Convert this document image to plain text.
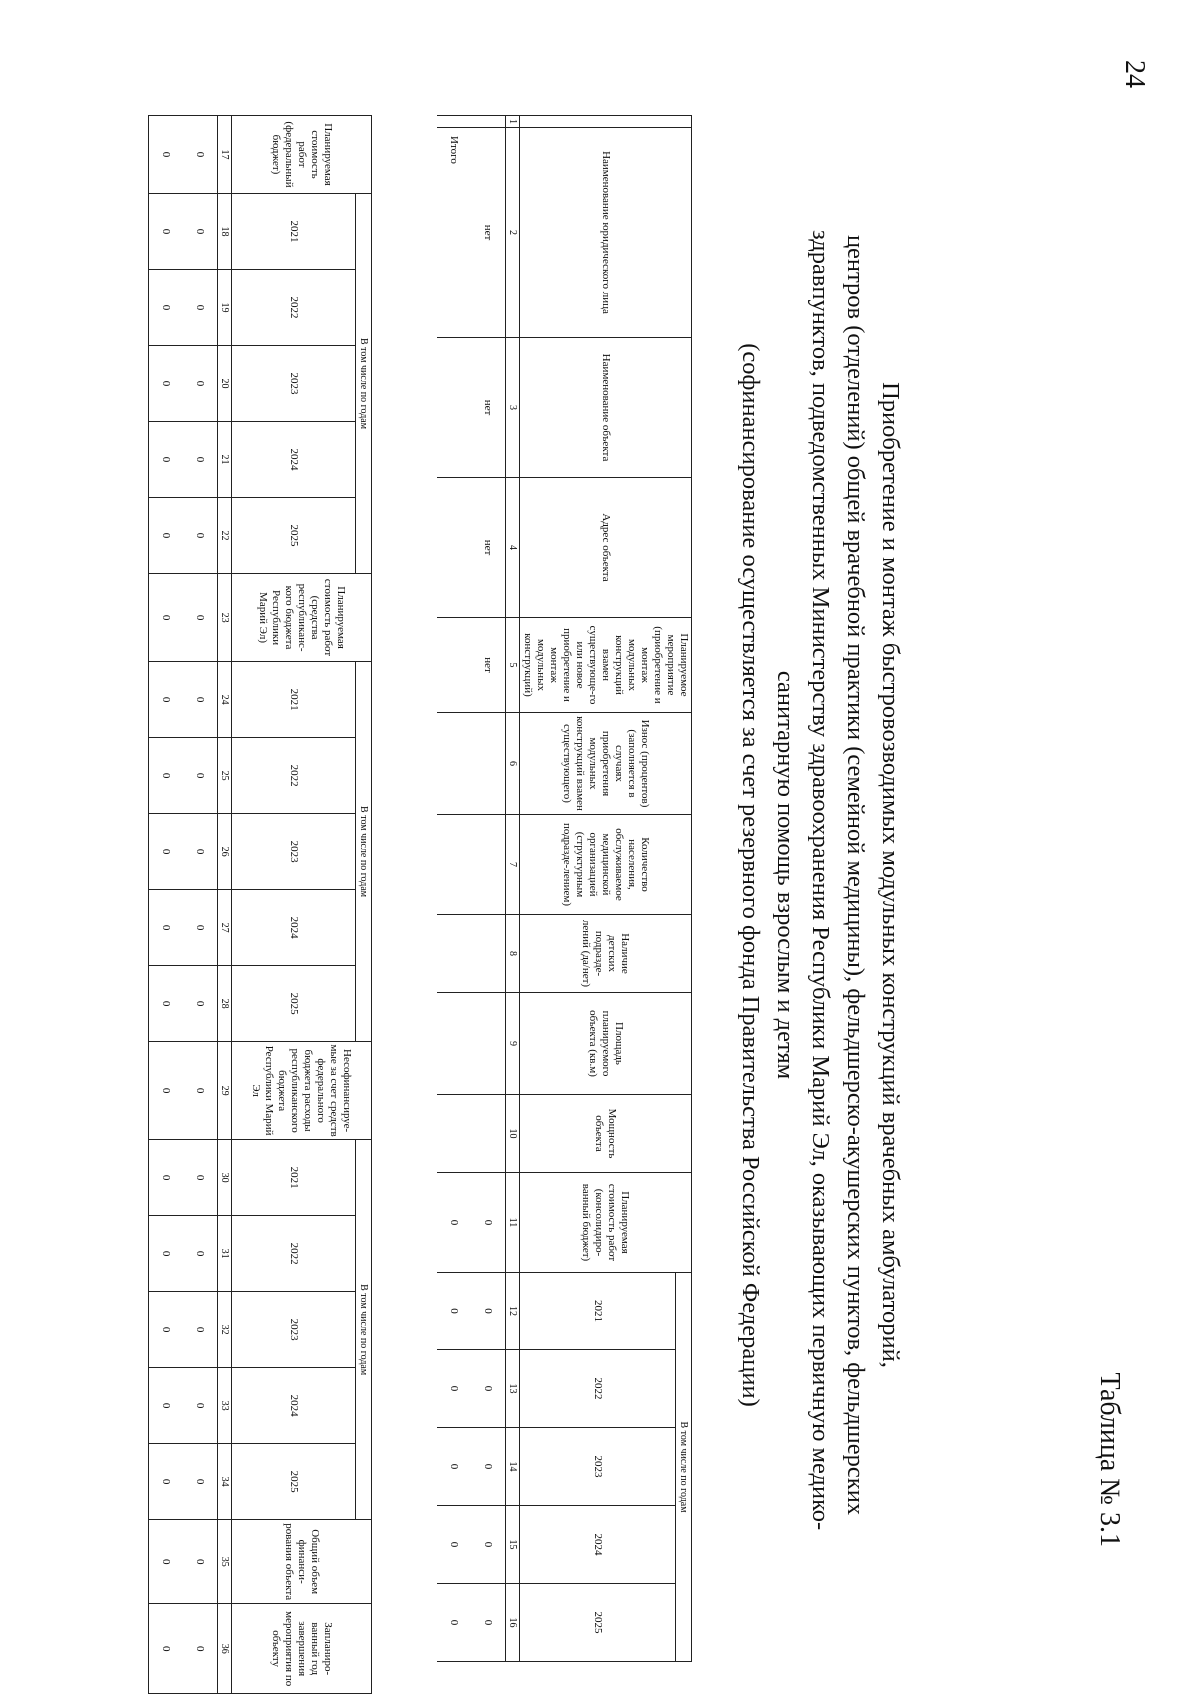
24
Таблица № 3.1
Приобретение и монтаж быстровозводимых модульных конструкций врачебных амбулаторий,
центров (отделений) общей врачебной практики (семейной медицины), фельдшерско-акушерских пунктов, фельдшерских
здравпунктов, подведомственных Министерству здравоохранения Республики Марий Эл, оказывающих первичную медико-
санитарную помощь взрослым и детям
(софинансирование осуществляется за счет резервного фонда Правительства Российской Федерации)
	Наименование юридического лица	Наименование объекта	Адрес объекта	Планируемое мероприятие (приобретение и монтаж модульных конструкций взамен существующе-го или новое приобретение и монтаж модульных конструкций)	Износ (процентов) (заполняется в случаях приобретения модульных конструкций взамен существующего)	Количество населения, обслуживаемое медицинской организацией (структурным подразде-лением)	Наличие детских подразде-лений (да/нет)	Площадь планируемого объекта (кв.м)	Мощность объекта	Планируемая стоимость работ (консолидиро-ванный бюджет)	В том числе по годам				
											2021	2022	2023	2024	2025
1	2	3	4	5	6	7	8	9	10	11	12	13	14	15	16
	нет	нет	нет	нет						0	0	0	0	0	0
	Итого									0	0	0	0	0	0
Планируемая стоимость работ (федеральный бюджет)	В том числе по годам					Планируемая стоимость работ (средства республиканс-кого бюджета Республики Марий Эл)	В том числе по годам					Несофинансируе-мые за счет средств федерального бюджета расходы республиканского бюджета Республики Марий Эл	В том числе по годам					Общий объем финанси-рования объекта	Запланиро-ванный год завершения мероприятия по объекту
	2021	2022	2023	2024	2025		2021	2022	2023	2024	2025		2021	2022	2023	2024	2025		
17	18	19	20	21	22	23	24	25	26	27	28	29	30	31	32	33	34	35	36
0	0	0	0	0	0	0	0	0	0	0	0	0	0	0	0	0	0	0	0
0	0	0	0	0	0	0	0	0	0	0	0	0	0	0	0	0	0	0	0
